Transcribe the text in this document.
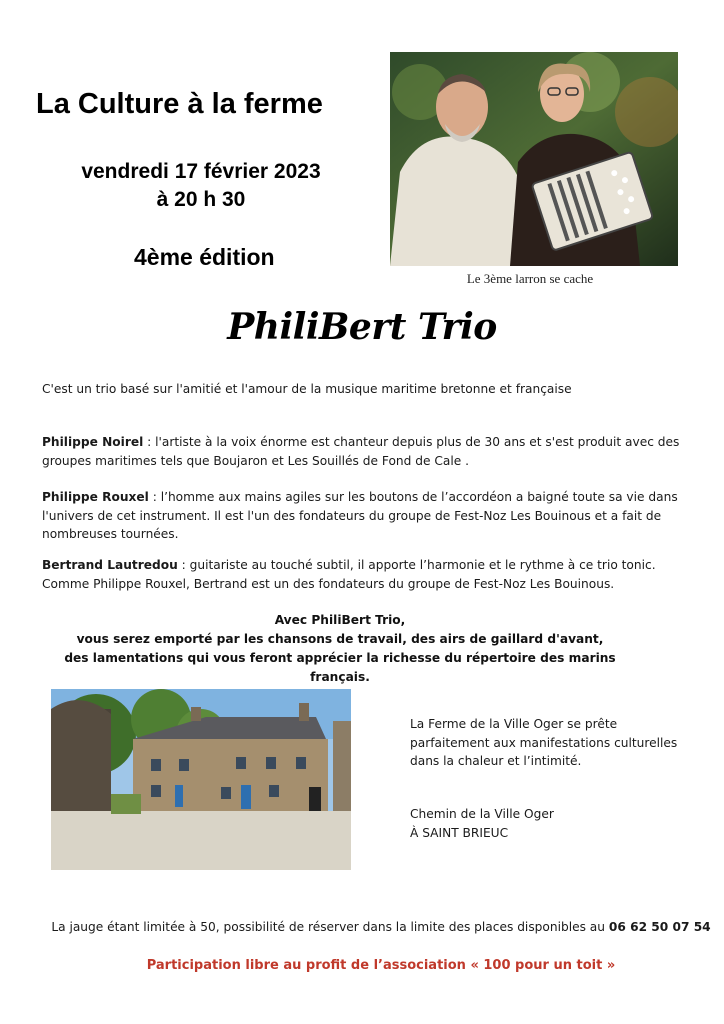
La Culture à la ferme
vendredi 17 février 2023
à 20 h 30
4ème édition
Le 3ème larron se cache
PhiliBert Trio
C'est un trio basé sur l'amitié et l'amour de la musique maritime bretonne et française
Philippe Noirel : l'artiste à la voix énorme est chanteur depuis plus de 30 ans et s'est produit avec des groupes maritimes tels que Boujaron et Les Souillés de Fond de Cale .
Philippe Rouxel : l’homme aux mains agiles sur les boutons de l’accordéon a baigné toute sa vie dans l'univers de cet instrument. Il est l'un des fondateurs du groupe de Fest-Noz Les Bouinous et a fait de nombreuses tournées.
Bertrand Lautredou : guitariste au touché subtil, il apporte l’harmonie et le rythme à ce trio tonic. Comme Philippe Rouxel, Bertrand est un des fondateurs du groupe de Fest-Noz Les Bouinous.
Avec PhiliBert Trio,
vous serez emporté par les chansons de travail, des airs de gaillard d'avant,
des lamentations qui vous feront apprécier la richesse du répertoire des marins français.
La Ferme de la Ville Oger se prête parfaitement aux manifestations culturelles dans la chaleur et l’intimité.
Chemin de la Ville Oger
À SAINT BRIEUC
La jauge étant limitée à 50, possibilité de réserver dans la limite des places disponibles au 06 62 50 07 54
Participation libre au profit de l’association « 100 pour un toit »
